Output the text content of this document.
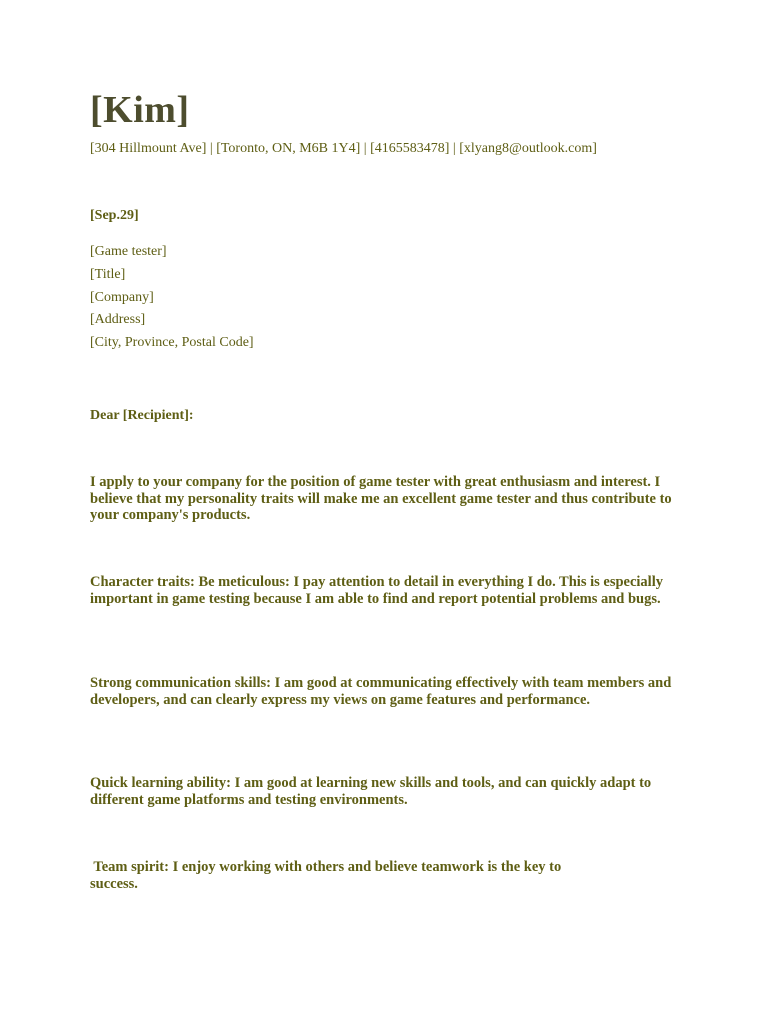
[Kim]
[304 Hillmount Ave] | [Toronto, ON, M6B 1Y4] | [4165583478] | [xlyang8@outlook.com]
[Sep.29]
[Game tester]
[Title]
[Company]
[Address]
[City, Province, Postal Code]
Dear [Recipient]:

I apply to your company for the position of game tester with great enthusiasm and interest. I believe that my personality traits will make me an excellent game tester and thus contribute to your company's products.

Character traits: Be meticulous: I pay attention to detail in everything I do. This is especially important in game testing because I am able to find and report potential problems and bugs.

Strong communication skills: I am good at communicating effectively with team members and developers, and can clearly express my views on game features and performance.

Quick learning ability: I am good at learning new skills and tools, and can quickly adapt to different game platforms and testing environments.

Team spirit: I enjoy working with others and believe teamwork is the key to
success.
